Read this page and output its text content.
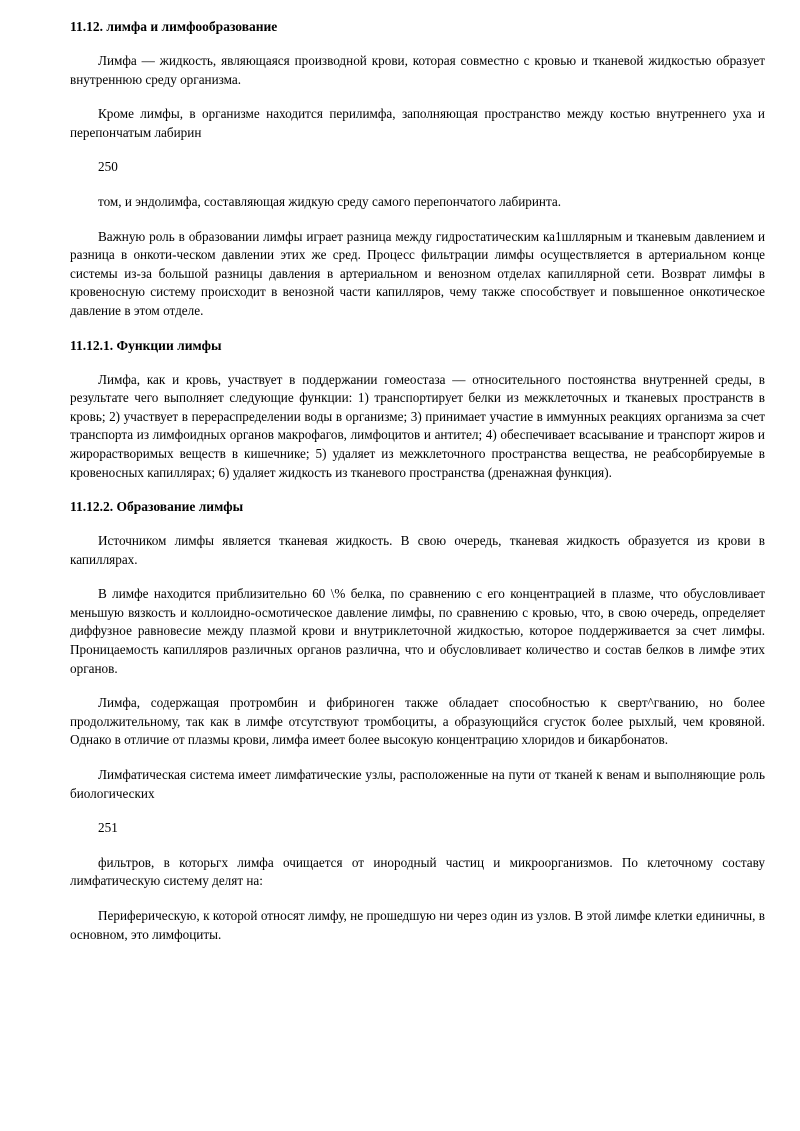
11.12. лимфа и лимфообразование

Лимфа — жидкость, являющаяся производной крови, которая совместно с кровью и тканевой жидкостью образует внутреннюю среду организма.

Кроме лимфы, в организме находится перилимфа, заполняющая пространство между костью внутреннего уха и перепончатым лабирин

250

том, и эндолимфа, составляющая жидкую среду самого перепончатого лабиринта.

Важную роль в образовании лимфы играет разница между гидростатическим ка1шллярным и тканевым давлением и разница в онкоти-ческом давлении этих же сред. Процесс фильтрации лимфы осуществляется в артериальном конце системы из-за большой разницы давления в артериальном и венозном отделах капиллярной сети. Возврат лимфы в кровеносную систему происходит в венозной части капилляров, чему также способствует и повышенное онкотическое давление в этом отделе.

11.12.1. Функции лимфы

Лимфа, как и кровь, участвует в поддержании гомеостаза — относительного постоянства внутренней среды, в результате чего выполняет следующие функции: 1) транспортирует белки из межклеточных и тканевых пространств в кровь; 2) участвует в перераспределении воды в организме; 3) принимает участие в иммунных реакциях организма за счет транспорта из лимфоидных органов макрофагов, лимфоцитов и антител; 4) обеспечивает всасывание и транспорт жиров и жирорастворимых веществ в кишечнике; 5) удаляет из межклеточного пространства вещества, не реабсорбируемые в кровеносных капиллярах; 6) удаляет жидкость из тканевого пространства (дренажная функция).

11.12.2. Образование лимфы

Источником лимфы является тканевая жидкость. В свою очередь, тканевая жидкость образуется из крови в капиллярах.

В лимфе находится приблизительно 60 \% белка, по сравнению с его концентрацией в плазме, что обусловливает меньшую вязкость и коллоидно-осмотическое давление лимфы, по сравнению с кровью, что, в свою очередь, определяет диффузное равновесие между плазмой крови и внутриклеточной жидкостью, которое поддерживается за счет лимфы. Проницаемость капилляров различных органов различна, что и обусловливает количество и состав белков в лимфе этих органов.

Лимфа, содержащая протромбин и фибриноген также обладает способностью к сверт^гванию, но более продолжительному, так как в лимфе отсутствуют тромбоциты, а образующийся сгусток более рыхлый, чем кровяной. Однако в отличие от плазмы крови, лимфа имеет более высокую концентрацию хлоридов и бикарбонатов.

Лимфатическая система имеет лимфатические узлы, расположенные на пути от тканей к венам и выполняющие роль биологических

251

фильтров, в которьгх лимфа очищается от инородный частиц и микроорганизмов. По клеточному составу лимфатическую систему делят на:

Периферическую, к которой относят лимфу, не прошедшую ни через один из узлов. В этой лимфе клетки единичны, в основном, это лимфоциты.
